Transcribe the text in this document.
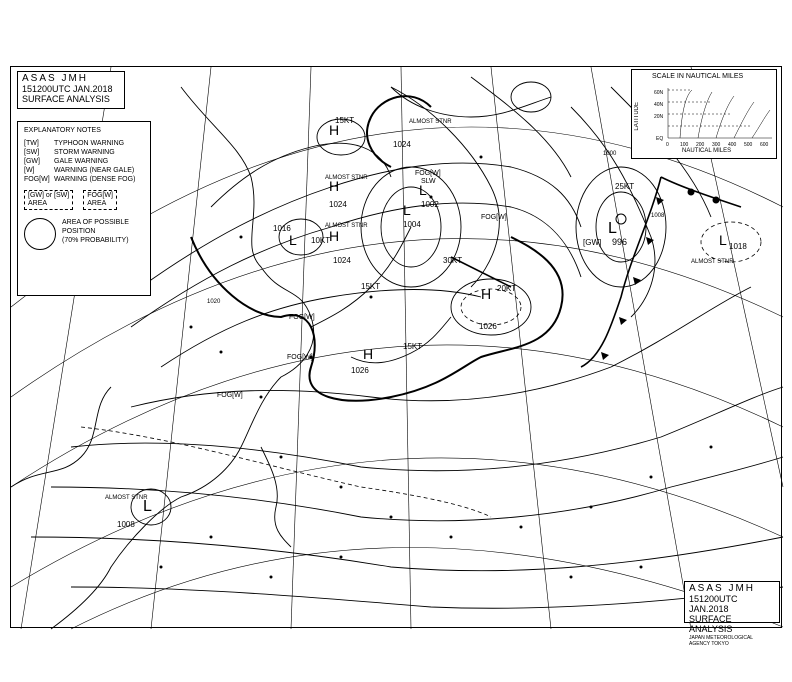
L
996
[GW]
L
SLW
1002
L
1004
L
ALMOST STNR
1008
L
1016
L
ALMOST STNR
1018
H	ALMOST STNR
1024
H
ALMOST STNR
1024
H
ALMOST STNR
1024
H
1026
H
1026
15KT
15KT
15KT
20KT
25KT
30KT
10KT
FOG[W]
FOG[W]
FOG[W]
FOG[W]
FOG[W]
1020
1000
1008
ASAS JMH
151200UTC JAN.2018
SURFACE ANALYSIS
ASAS JMH
151200UTC JAN.2018
SURFACE ANALYSIS
JAPAN METEOROLOGICAL AGENCY TOKYO
EXPLANATORY NOTES
[TW]	TYPHOON WARNING
[SW]	STORM WARNING
[GW]	GALE WARNING
[W]	WARNING (NEAR GALE)
FOG[W] WARNING (DENSE FOG)
[GW] or [SW]
AREA
FOG[W]
AREA
AREA OF POSSIBLE
POSITION
(70% PROBABILITY)
SCALE IN NAUTICAL MILES
LATITUDE
60N
40N
20N
EQ
0 100 200 300 400 500 600
NAUTICAL MILES
